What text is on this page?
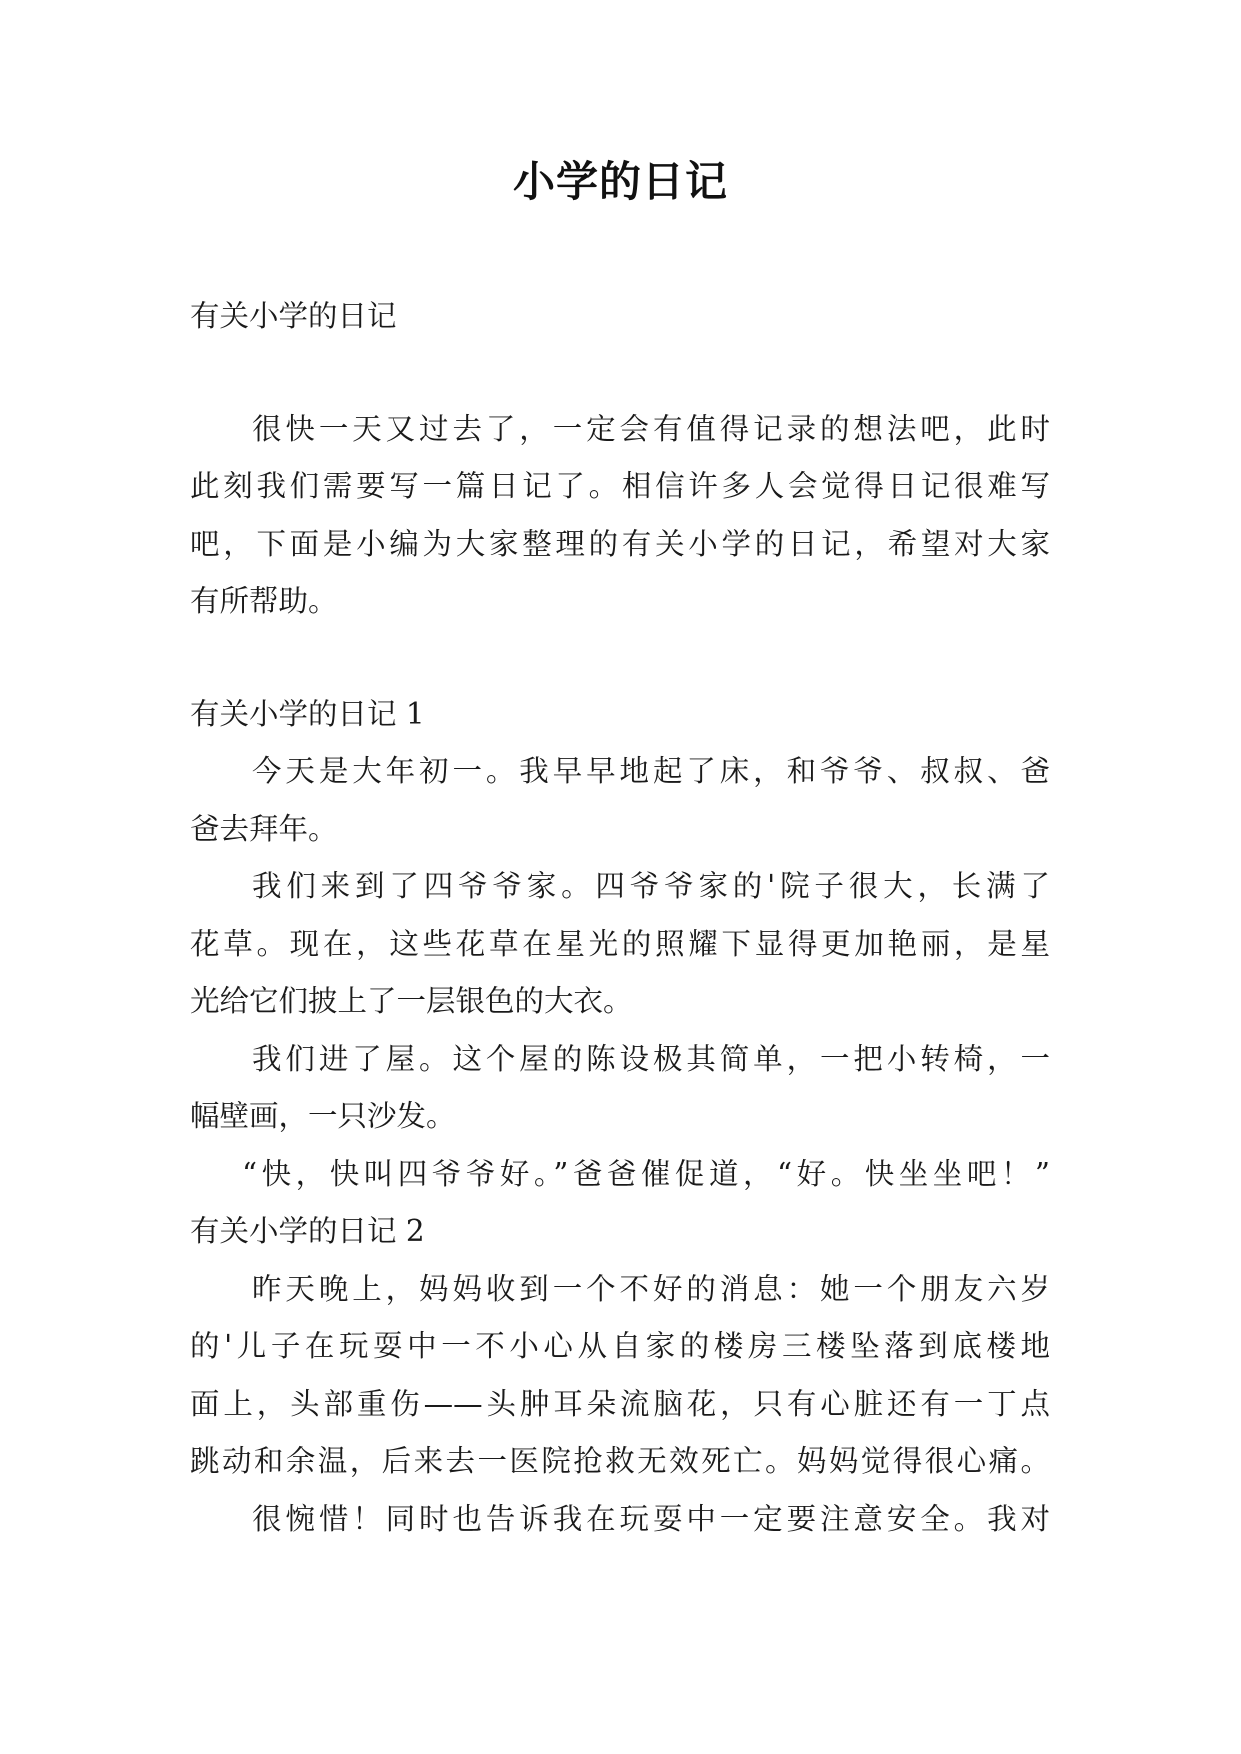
小学的日记
有关小学的日记
很快一天又过去了，一定会有值得记录的想法吧，此时
此刻我们需要写一篇日记了。相信许多人会觉得日记很难写
吧，下面是小编为大家整理的有关小学的日记，希望对大家
有所帮助。
有关小学的日记 1
今天是大年初一。我早早地起了床，和爷爷、叔叔、爸
爸去拜年。
我们来到了四爷爷家。四爷爷家的'院子很大，长满了
花草。现在，这些花草在星光的照耀下显得更加艳丽，是星
光给它们披上了一层银色的大衣。
我们进了屋。这个屋的陈设极其简单，一把小转椅，一
幅壁画，一只沙发。
“快，快叫四爷爷好。”爸爸催促道，“好。快坐坐吧！”
有关小学的日记 2
昨天晚上，妈妈收到一个不好的消息：她一个朋友六岁
的'儿子在玩耍中一不小心从自家的楼房三楼坠落到底楼地
面上，头部重伤——头肿耳朵流脑花，只有心脏还有一丁点
跳动和余温，后来去一医院抢救无效死亡。妈妈觉得很心痛。
很惋惜！同时也告诉我在玩耍中一定要注意安全。我对
